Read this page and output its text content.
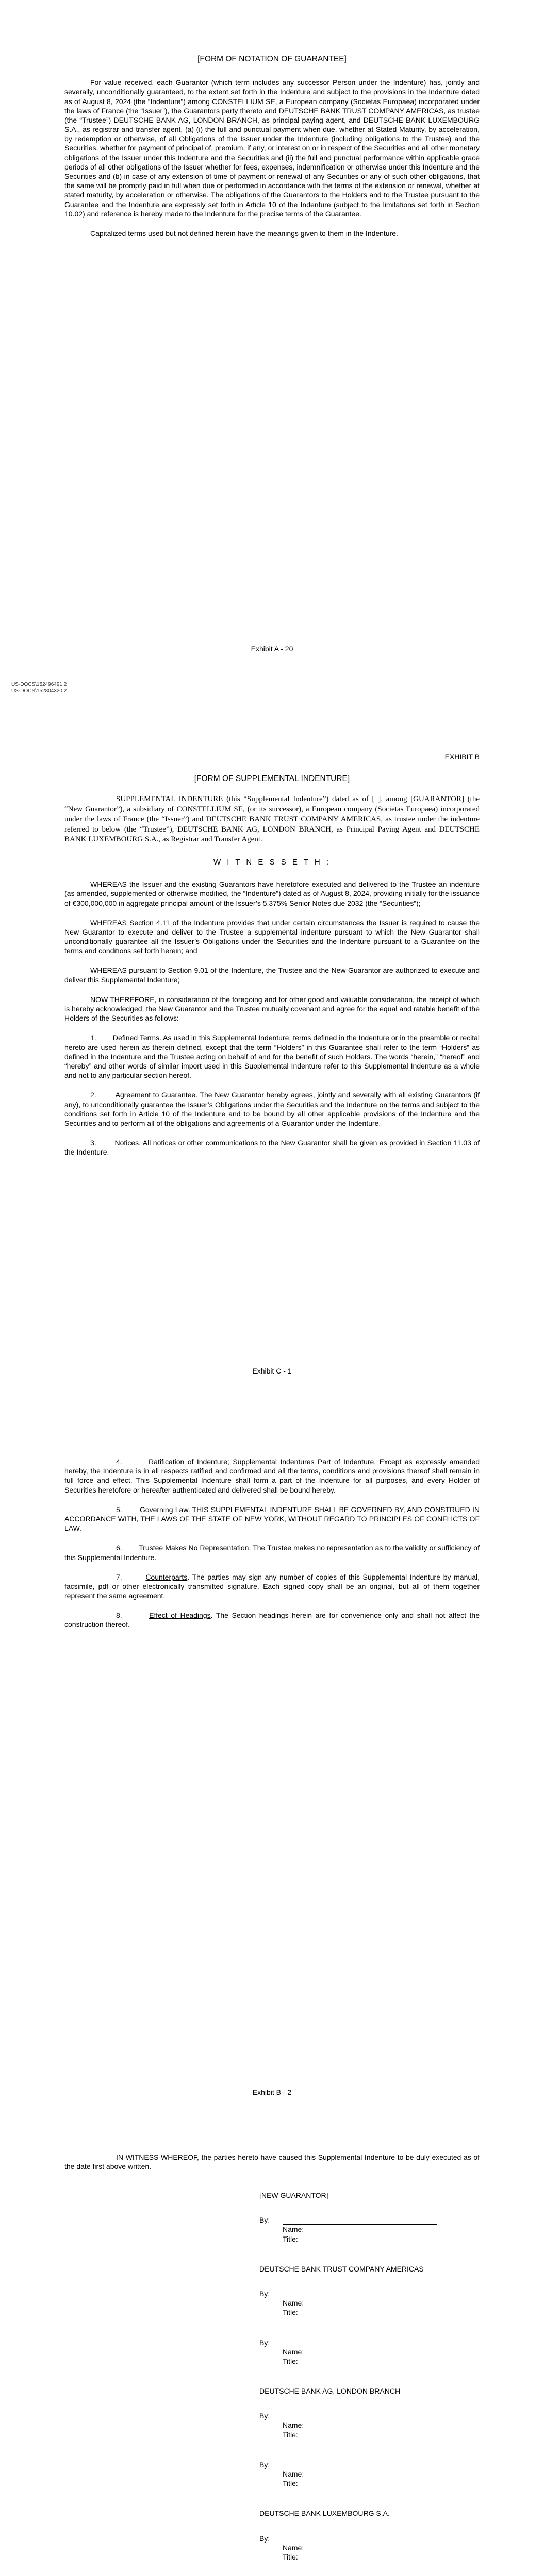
[FORM OF NOTATION OF GUARANTEE]

For value received, each Guarantor (which term includes any successor Person under the Indenture) has, jointly and severally, unconditionally guaranteed, to the extent set forth in the Indenture and subject to the provisions in the Indenture dated as of August 8, 2024 (the “Indenture”) among CONSTELLIUM SE, a European company (Societas Europaea) incorporated under the laws of France (the “Issuer”), the Guarantors party thereto and DEUTSCHE BANK TRUST COMPANY AMERICAS, as trustee (the “Trustee”) DEUTSCHE BANK AG, LONDON BRANCH, as principal paying agent, and DEUTSCHE BANK LUXEMBOURG S.A., as registrar and transfer agent, (a) (i) the full and punctual payment when due, whether at Stated Maturity, by acceleration, by redemption or otherwise, of all Obligations of the Issuer under the Indenture (including obligations to the Trustee) and the Securities, whether for payment of principal of, premium, if any, or interest on or in respect of the Securities and all other monetary obligations of the Issuer under this Indenture and the Securities and (ii) the full and punctual performance within applicable grace periods of all other obligations of the Issuer whether for fees, expenses, indemnification or otherwise under this Indenture and the Securities and (b) in case of any extension of time of payment or renewal of any Securities or any of such other obligations, that the same will be promptly paid in full when due or performed in accordance with the terms of the extension or renewal, whether at stated maturity, by acceleration or otherwise. The obligations of the Guarantors to the Holders and to the Trustee pursuant to the Guarantee and the Indenture are expressly set forth in Article 10 of the Indenture (subject to the limitations set forth in Section 10.02) and reference is hereby made to the Indenture for the precise terms of the Guarantee.

Capitalized terms used but not defined herein have the meanings given to them in the Indenture.

Exhibit A - 20
US-DOCS\152496491.2
US-DOCS\152804320.2
EXHIBIT B
[FORM OF SUPPLEMENTAL INDENTURE]

SUPPLEMENTAL INDENTURE (this “Supplemental Indenture”) dated as of [ ], among [GUARANTOR] (the “New Guarantor”), a subsidiary of CONSTELLIUM SE, (or its successor), a European company (Societas Europaea) incorporated under the laws of France (the “Issuer”) and DEUTSCHE BANK TRUST COMPANY AMERICAS, as trustee under the indenture referred to below (the “Trustee”), DEUTSCHE BANK AG, LONDON BRANCH, as Principal Paying Agent and DEUTSCHE BANK LUXEMBOURG S.A., as Registrar and Transfer Agent.

W I T N E S S E T H :

WHEREAS the Issuer and the existing Guarantors have heretofore executed and delivered to the Trustee an indenture (as amended, supplemented or otherwise modified, the “Indenture”) dated as of August 8, 2024, providing initially for the issuance of €300,000,000 in aggregate principal amount of the Issuer’s 5.375% Senior Notes due 2032 (the “Securities”);

WHEREAS Section 4.11 of the Indenture provides that under certain circumstances the Issuer is required to cause the New Guarantor to execute and deliver to the Trustee a supplemental indenture pursuant to which the New Guarantor shall unconditionally guarantee all the Issuer’s Obligations under the Securities and the Indenture pursuant to a Guarantee on the terms and conditions set forth herein; and

WHEREAS pursuant to Section 9.01 of the Indenture, the Trustee and the New Guarantor are authorized to execute and deliver this Supplemental Indenture;

NOW THEREFORE, in consideration of the foregoing and for other good and valuable consideration, the receipt of which is hereby acknowledged, the New Guarantor and the Trustee mutually covenant and agree for the equal and ratable benefit of the Holders of the Securities as follows:

1. Defined Terms. As used in this Supplemental Indenture, terms defined in the Indenture or in the preamble or recital hereto are used herein as therein defined, except that the term “Holders” in this Guarantee shall refer to the term “Holders” as defined in the Indenture and the Trustee acting on behalf of and for the benefit of such Holders. The words “herein,” “hereof” and “hereby” and other words of similar import used in this Supplemental Indenture refer to this Supplemental Indenture as a whole and not to any particular section hereof.

2.	Agreement to Guarantee. The New Guarantor hereby agrees, jointly and severally with all existing Guarantors (if any), to unconditionally guarantee the Issuer’s Obligations under the Securities and the Indenture on the terms and subject to the conditions set forth in Article 10 of the Indenture and to be bound by all other applicable provisions of the Indenture and the Securities and to perform all of the obligations and agreements of a Guarantor under the Indenture.

3.	Notices. All notices or other communications to the New Guarantor shall be given as provided in Section 11.03 of the Indenture.

Exhibit C - 1

4.	Ratification of Indenture; Supplemental Indentures Part of Indenture. Except as expressly amended hereby, the Indenture is in all respects ratified and confirmed and all the terms, conditions and provisions thereof shall remain in full force and effect. This Supplemental Indenture shall form a part of the Indenture for all purposes, and every Holder of Securities heretofore or hereafter authenticated and delivered shall be bound hereby.

5. Governing Law. THIS SUPPLEMENTAL INDENTURE SHALL BE GOVERNED BY, AND CONSTRUED IN ACCORDANCE WITH, THE LAWS OF THE STATE OF NEW YORK, WITHOUT REGARD TO PRINCIPLES OF CONFLICTS OF LAW.

6. Trustee Makes No Representation. The Trustee makes no representation as to the validity or sufficiency of this Supplemental Indenture.

7.	Counterparts. The parties may sign any number of copies of this Supplemental Indenture by manual, facsimile, pdf or other electronically transmitted signature. Each signed copy shall be an original, but all of them together represent the same agreement.

8.	Effect of Headings. The Section headings herein are for convenience only and shall not affect the construction thereof.

Exhibit B - 2

IN WITNESS WHEREOF, the parties hereto have caused this Supplemental Indenture to be duly executed as of the date first above written.

[NEW GUARANTOR]
By:
Name:
Title:
DEUTSCHE BANK TRUST COMPANY AMERICAS
By:
Name:
Title:
By:
Name:
Title:
DEUTSCHE BANK AG, LONDON BRANCH
By:
Name:
Title:
By:
Name:
Title:
DEUTSCHE BANK LUXEMBOURG S.A.
By:
Name:
Title:
